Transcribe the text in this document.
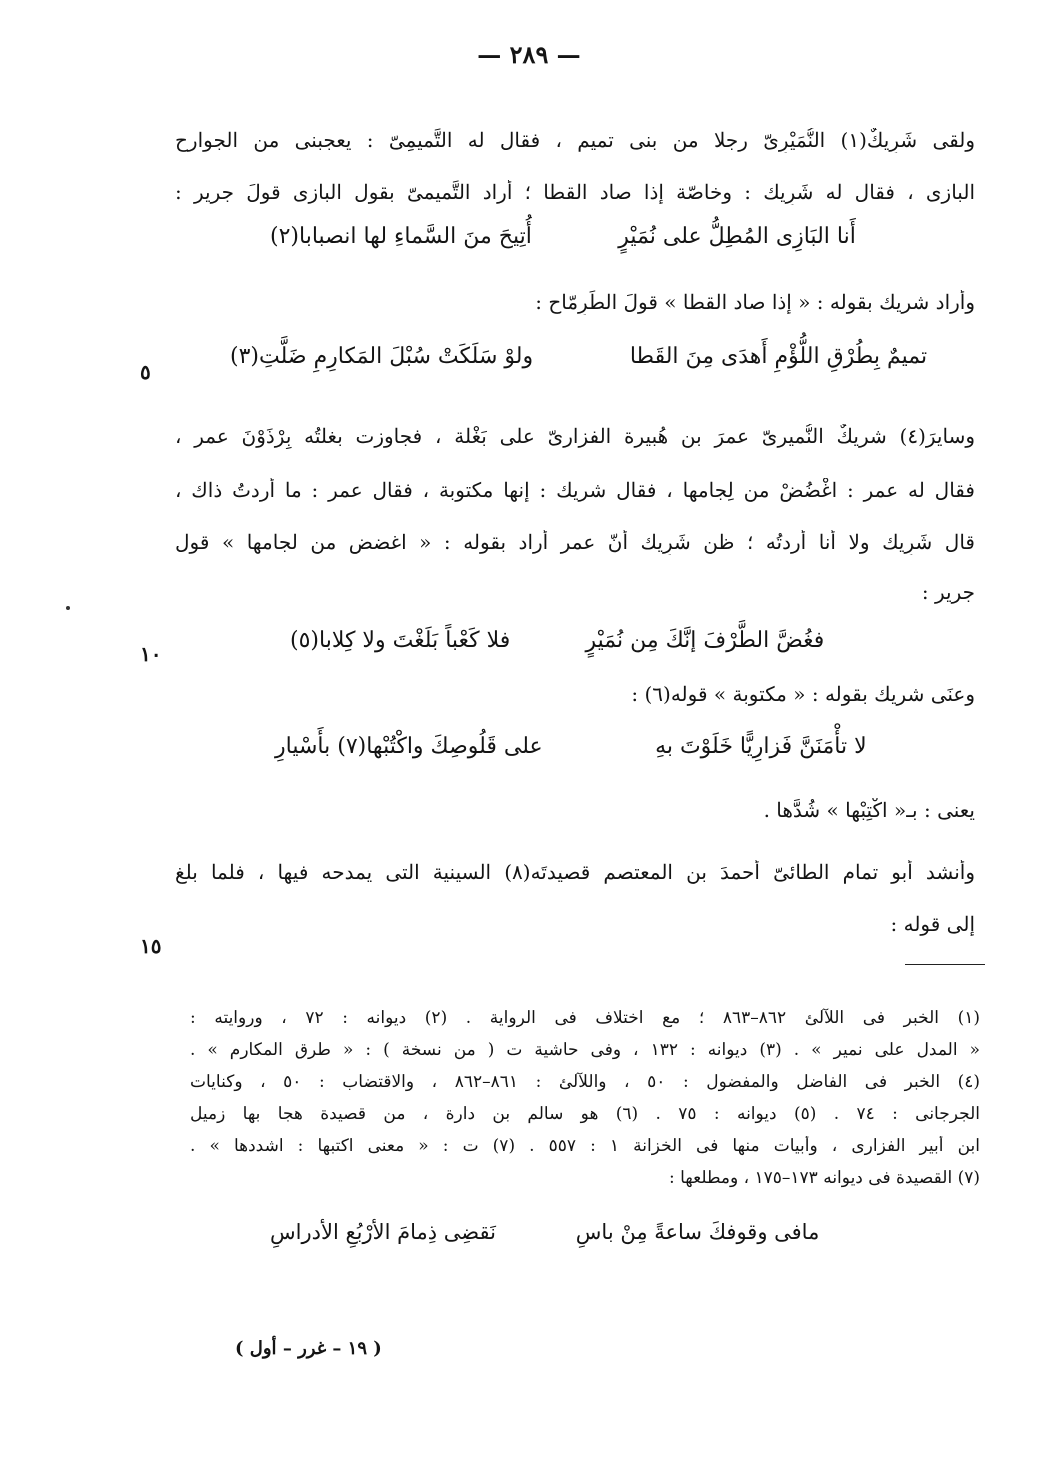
— ٢٨٩ —
ولقى شَرِيكٌ(١) النُّمَيْرِىّ رجلا من بنى تميم ، فقال له التَّميمِىّ : يعجبنى من الجوارح
البازى ، فقال له شَرِيك : وخاصّة إذا صاد القطا ؛ أراد التَّميمىّ بقول البازى قولَ جرير :
أَنا البَازِى المُطِلُّ على نُمَيْرٍ  أُتِيحَ منَ السَّماءِ لها انصبابا(٢)
وأراد شريك بقوله : « إذا صاد القطا » قولَ الطِّرِمّاح :
تميمٌ بِطُرْقِ اللُّؤْمِ أَهدَى مِنَ القَطا  ولوْ سَلَكَتْ سُبْلَ المَكارِمِ ضَلَّتِ(٣)
٥
وسايرَ(٤) شريكٌ النُّميرىّ عمرَ بن هُبيرة الفزارىّ على بَغْلة ، فجاوزت بغلتُه بِرْذَوْنَ عمر ،
فقال له عمر : اغْضُضْ من لِجامها ، فقال شريك : إنها مكتوبة ، فقال عمر : ما أردتُ ذاك ،
قال شَرِيك ولا أنا أردتُه ؛ ظن شَرِيك أنّ عمر أراد بقوله : « اغضض من لجامها » قول
جرير :
فغُضَّ الطَّرْفَ إنَّكَ مِن نُمَيْرٍ  فلا كَعْباً بَلَغْتَ ولا كِلابا(٥)
١٠
وعنَى شريك بقوله : « مكتوبة » قوله(٦) :
لا تأْمَنَنَّ فَزارِيًّا خَلَوْتَ بهِ  على قَلُوصِكَ واكْتُبْها(٧) بأَسْيارِ
يعنى : بـ« اكْتِبْها » شُدَّها .
وأنشد أبو تمام الطائىّ أحمدَ بن المعتصم قصيدتَه(٨) السينية التى يمدحه فيها ، فلما بلغ
إلى قوله :
١٥
(١) الخبر فى اللآلئ ٨٦٢–٨٦٣ ؛ مع اختلاف فى الرواية . (٢) ديوانه : ٧٢ ، وروايته :
« المدل على نمير » . (٣) ديوانه : ١٣٢ ، وفى حاشية ت ( من نسخة ) : « طرق المكارم » .
(٤) الخبر فى الفاضل والمفضول : ٥٠ ، واللآلئ : ٨٦١–٨٦٢ ، والاقتضاب : ٥٠ ، وكنايات
الجرجانى : ٧٤ . (٥) ديوانه : ٧٥ . (٦) هو سالم بن دارة ، من قصيدة هجا بها زميل
ابن أبير الفزارى ، وأبيات منها فى الخزانة ١ : ٥٥٧ . (٧) ت : « معنى اكتبها : اشددها » .
(٧) القصيدة فى ديوانه ١٧٣–١٧٥ ، ومطلعها :
مافى وقوفكَ ساعةً مِنْ باسِ  نَقضِى ذِمامَ الأرْبُعِ الأدراسِ
( ١٩ – غرر – أول )
